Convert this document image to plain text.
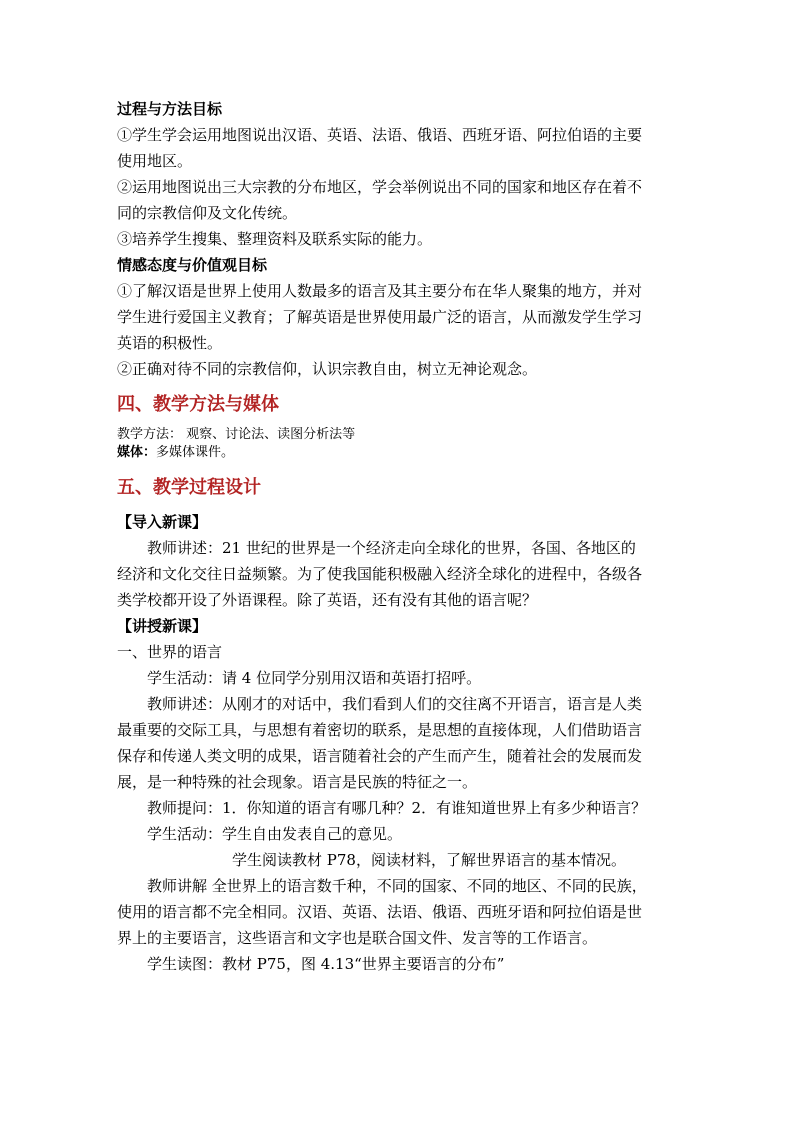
过程与方法目标
①学生学会运用地图说出汉语、英语、法语、俄语、西班牙语、阿拉伯语的主要
使用地区。
②运用地图说出三大宗教的分布地区，学会举例说出不同的国家和地区存在着不
同的宗教信仰及文化传统。
③培养学生搜集、整理资料及联系实际的能力。
情感态度与价值观目标
①了解汉语是世界上使用人数最多的语言及其主要分布在华人聚集的地方，并对
学生进行爱国主义教育；了解英语是世界使用最广泛的语言，从而激发学生学习
英语的积极性。
②正确对待不同的宗教信仰，认识宗教自由，树立无神论观念。
四、教学方法与媒体
教学方法： 观察、讨论法、读图分析法等
媒体：多媒体课件。
五、教学过程设计
【导入新课】
教师讲述：21 世纪的世界是一个经济走向全球化的世界，各国、各地区的
经济和文化交往日益频繁。为了使我国能积极融入经济全球化的进程中，各级各
类学校都开设了外语课程。除了英语，还有没有其他的语言呢？
【讲授新课】
一、世界的语言
学生活动：请 4 位同学分别用汉语和英语打招呼。
教师讲述：从刚才的对话中，我们看到人们的交往离不开语言，语言是人类
最重要的交际工具，与思想有着密切的联系，是思想的直接体现，人们借助语言
保存和传递人类文明的成果，语言随着社会的产生而产生，随着社会的发展而发
展，是一种特殊的社会现象。语言是民族的特征之一。
教师提问：1．你知道的语言有哪几种？2．有谁知道世界上有多少种语言？
学生活动：学生自由发表自己的意见。
学生阅读教材 P78，阅读材料，了解世界语言的基本情况。
教师讲解 全世界上的语言数千种，不同的国家、不同的地区、不同的民族，
使用的语言都不完全相同。汉语、英语、法语、俄语、西班牙语和阿拉伯语是世
界上的主要语言，这些语言和文字也是联合国文件、发言等的工作语言。
学生读图：教材 P75，图 4.13“世界主要语言的分布”
